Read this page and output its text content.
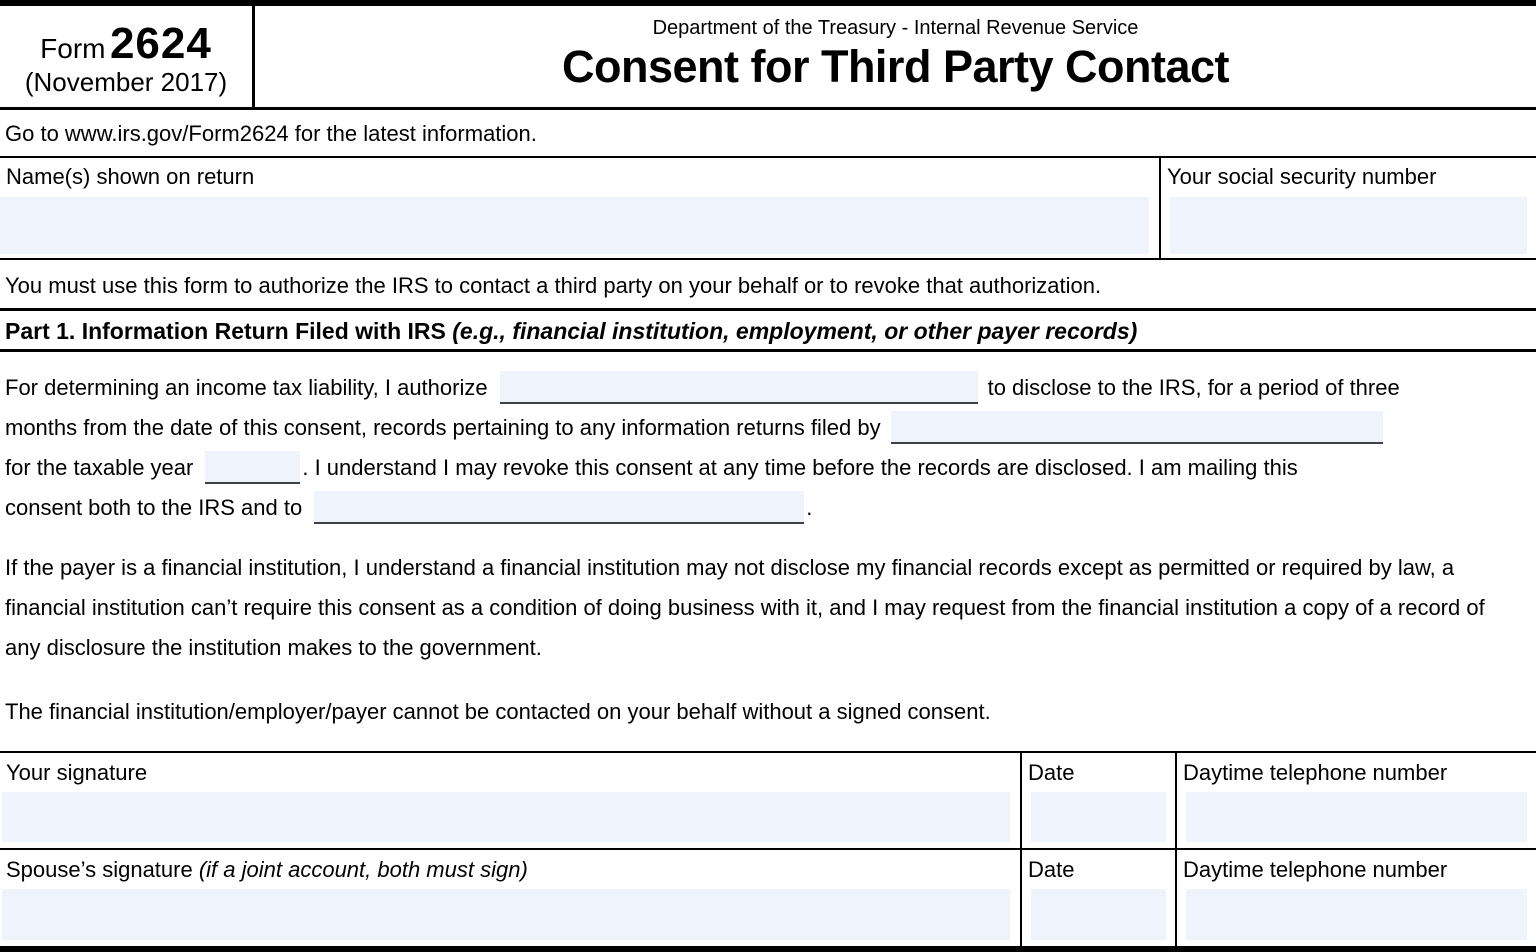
Form 2624
(November 2017)
Department of the Treasury - Internal Revenue Service
Consent for Third Party Contact
Go to www.irs.gov/Form2624 for the latest information.
Name(s) shown on return	Your social security number
You must use this form to authorize the IRS to contact a third party on your behalf or to revoke that authorization.
Part 1. Information Return Filed with IRS (e.g., financial institution, employment, or other payer records)
For determining an income tax liability, I authorize	to disclose to the IRS, for a period of three
months from the date of this consent, records pertaining to any information returns filed by
for the taxable year	. I understand I may revoke this consent at any time before the records are disclosed. I am mailing this
consent both to the IRS and to	.
If the payer is a financial institution, I understand a financial institution may not disclose my financial records except as permitted or required by law, a financial institution can’t require this consent as a condition of doing business with it, and I may request from the financial institution a copy of a record of any disclosure the institution makes to the government.
The financial institution/employer/payer cannot be contacted on your behalf without a signed consent.
Your signature	Date	Daytime telephone number
Spouse’s signature (if a joint account, both must sign)	Date	Daytime telephone number
